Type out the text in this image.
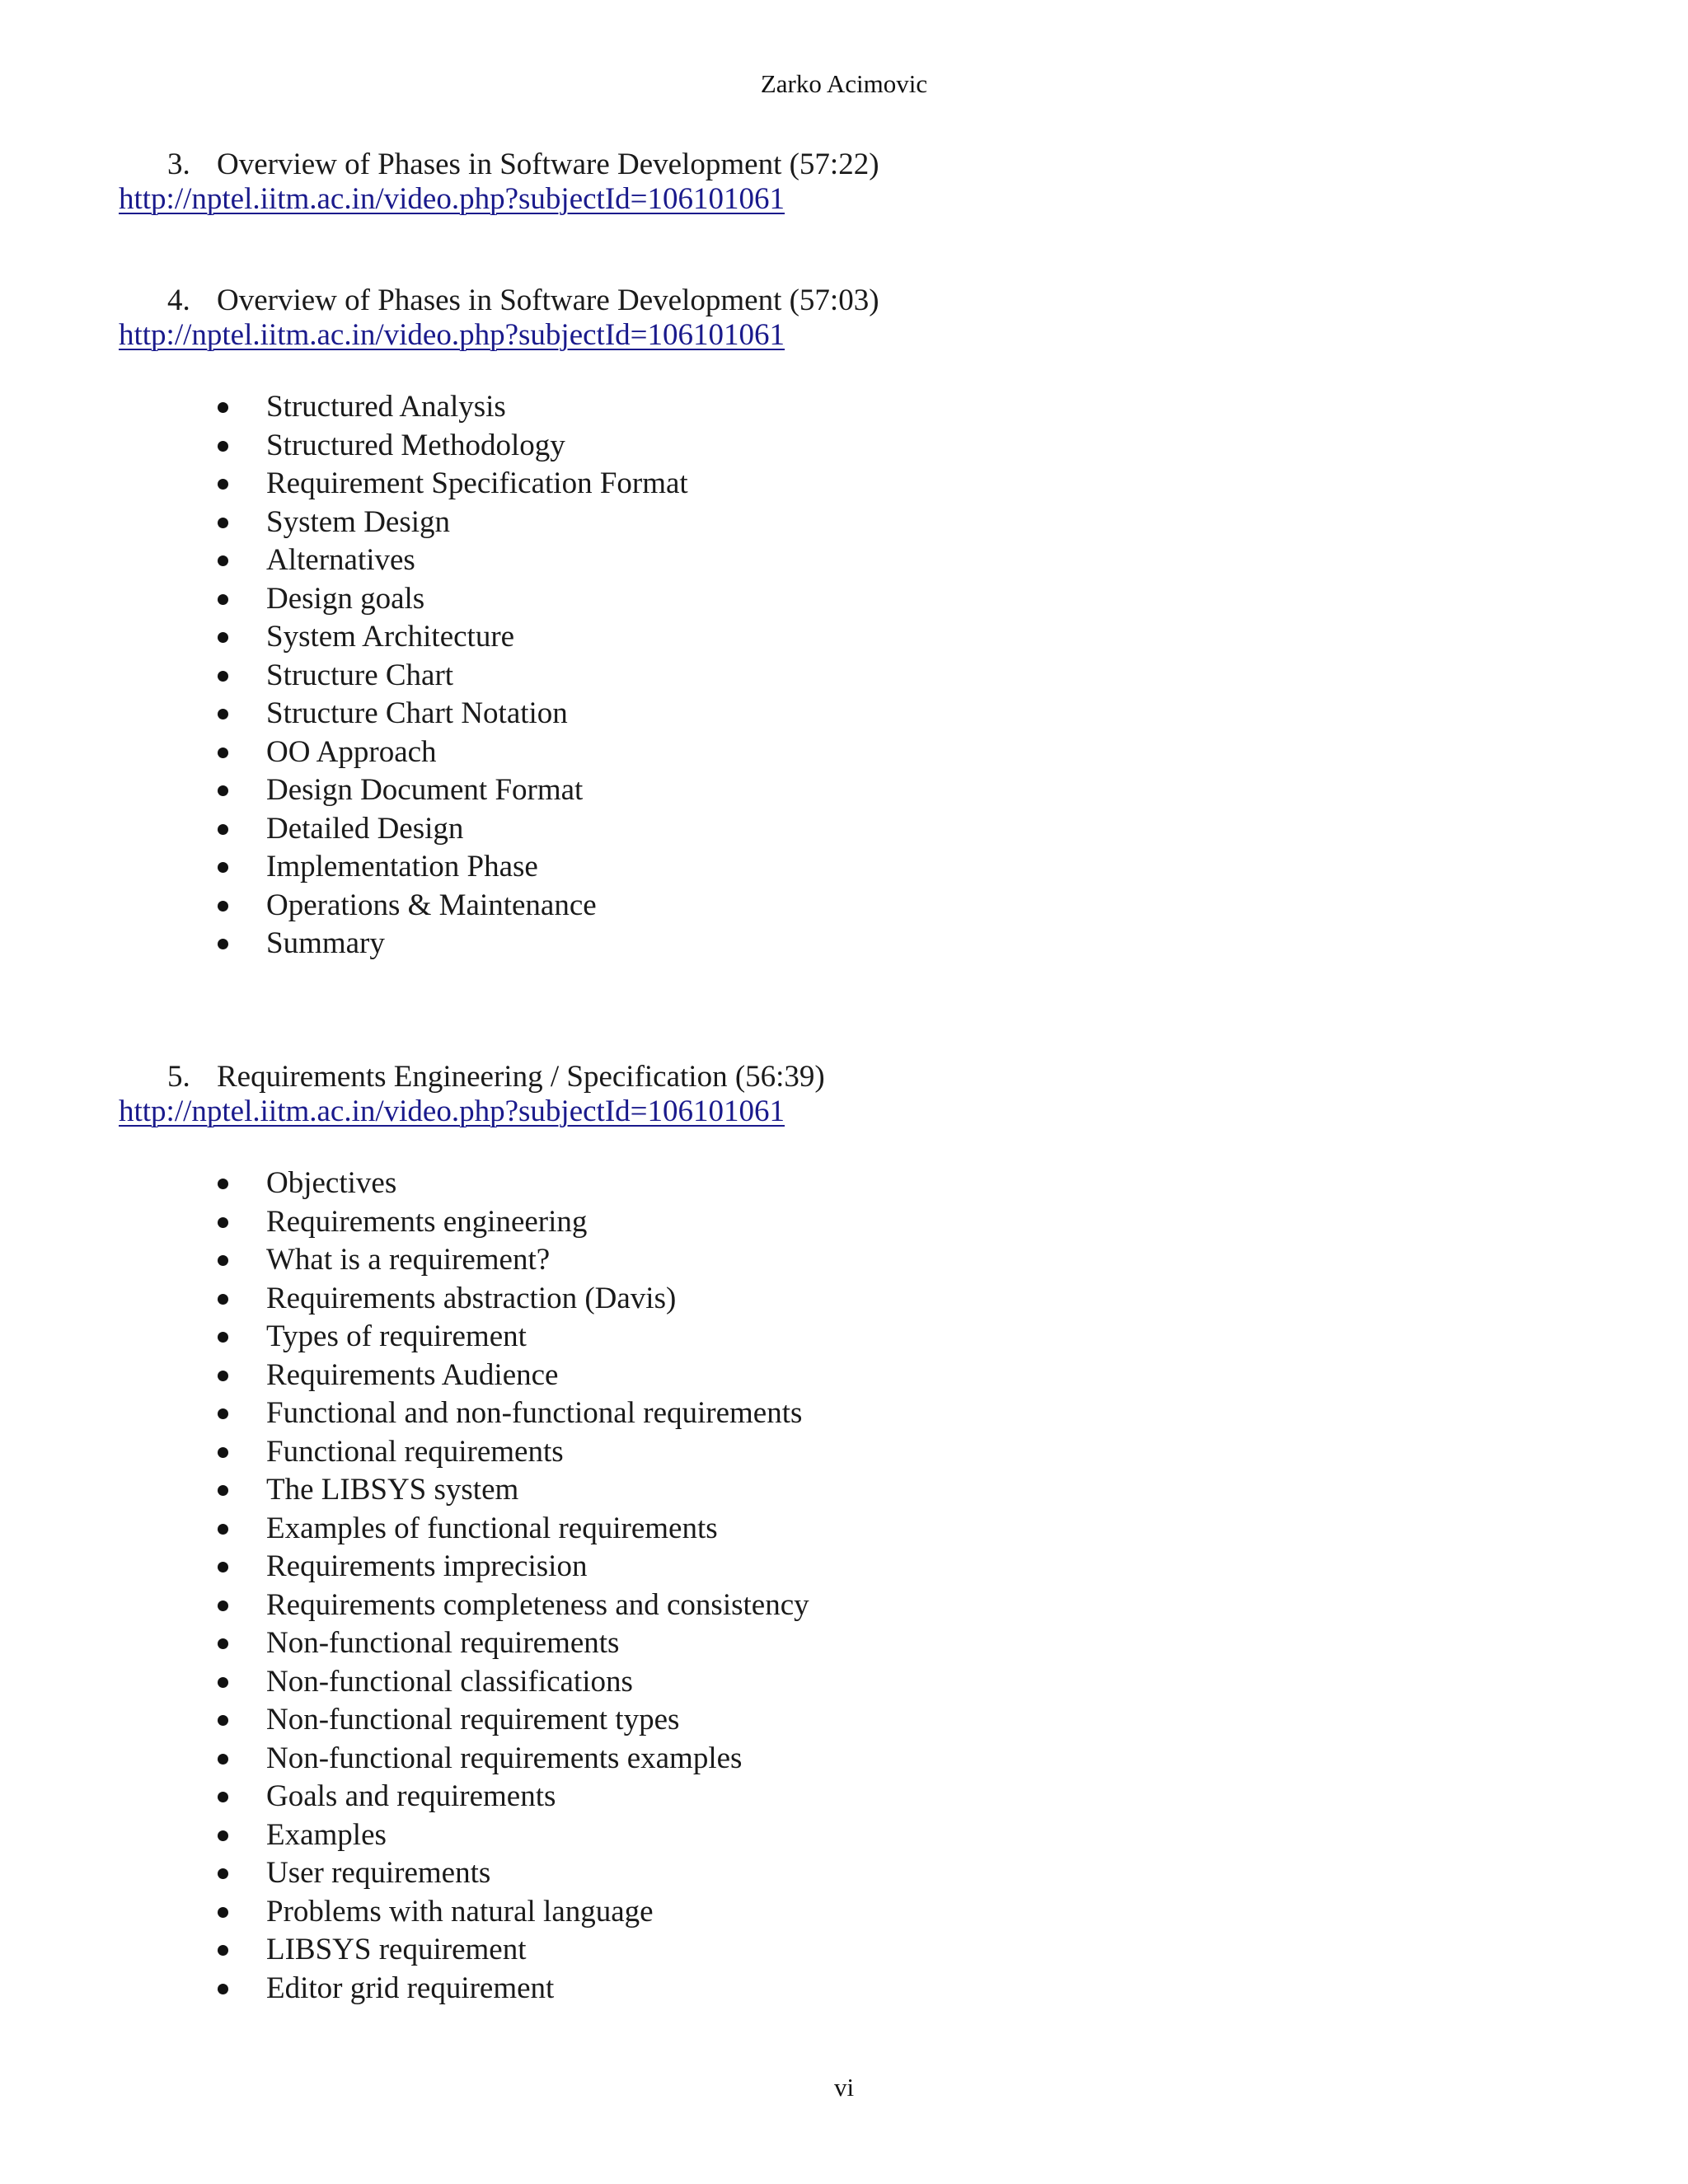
Zarko Acimovic
3. Overview of Phases in Software Development (57:22)
http://nptel.iitm.ac.in/video.php?subjectId=106101061
4. Overview of Phases in Software Development (57:03)
http://nptel.iitm.ac.in/video.php?subjectId=106101061
Structured Analysis
Structured Methodology
Requirement Specification Format
System Design
Alternatives
Design goals
System Architecture
Structure Chart
Structure Chart Notation
OO Approach
Design Document Format
Detailed Design
Implementation Phase
Operations & Maintenance
Summary
5. Requirements Engineering / Specification (56:39)
http://nptel.iitm.ac.in/video.php?subjectId=106101061
Objectives
Requirements engineering
What is a requirement?
Requirements abstraction (Davis)
Types of requirement
Requirements Audience
Functional and non-functional requirements
Functional requirements
The LIBSYS system
Examples of functional requirements
Requirements imprecision
Requirements completeness and consistency
Non-functional requirements
Non-functional classifications
Non-functional requirement types
Non-functional requirements examples
Goals and requirements
Examples
User requirements
Problems with natural language
LIBSYS requirement
Editor grid requirement
vi
